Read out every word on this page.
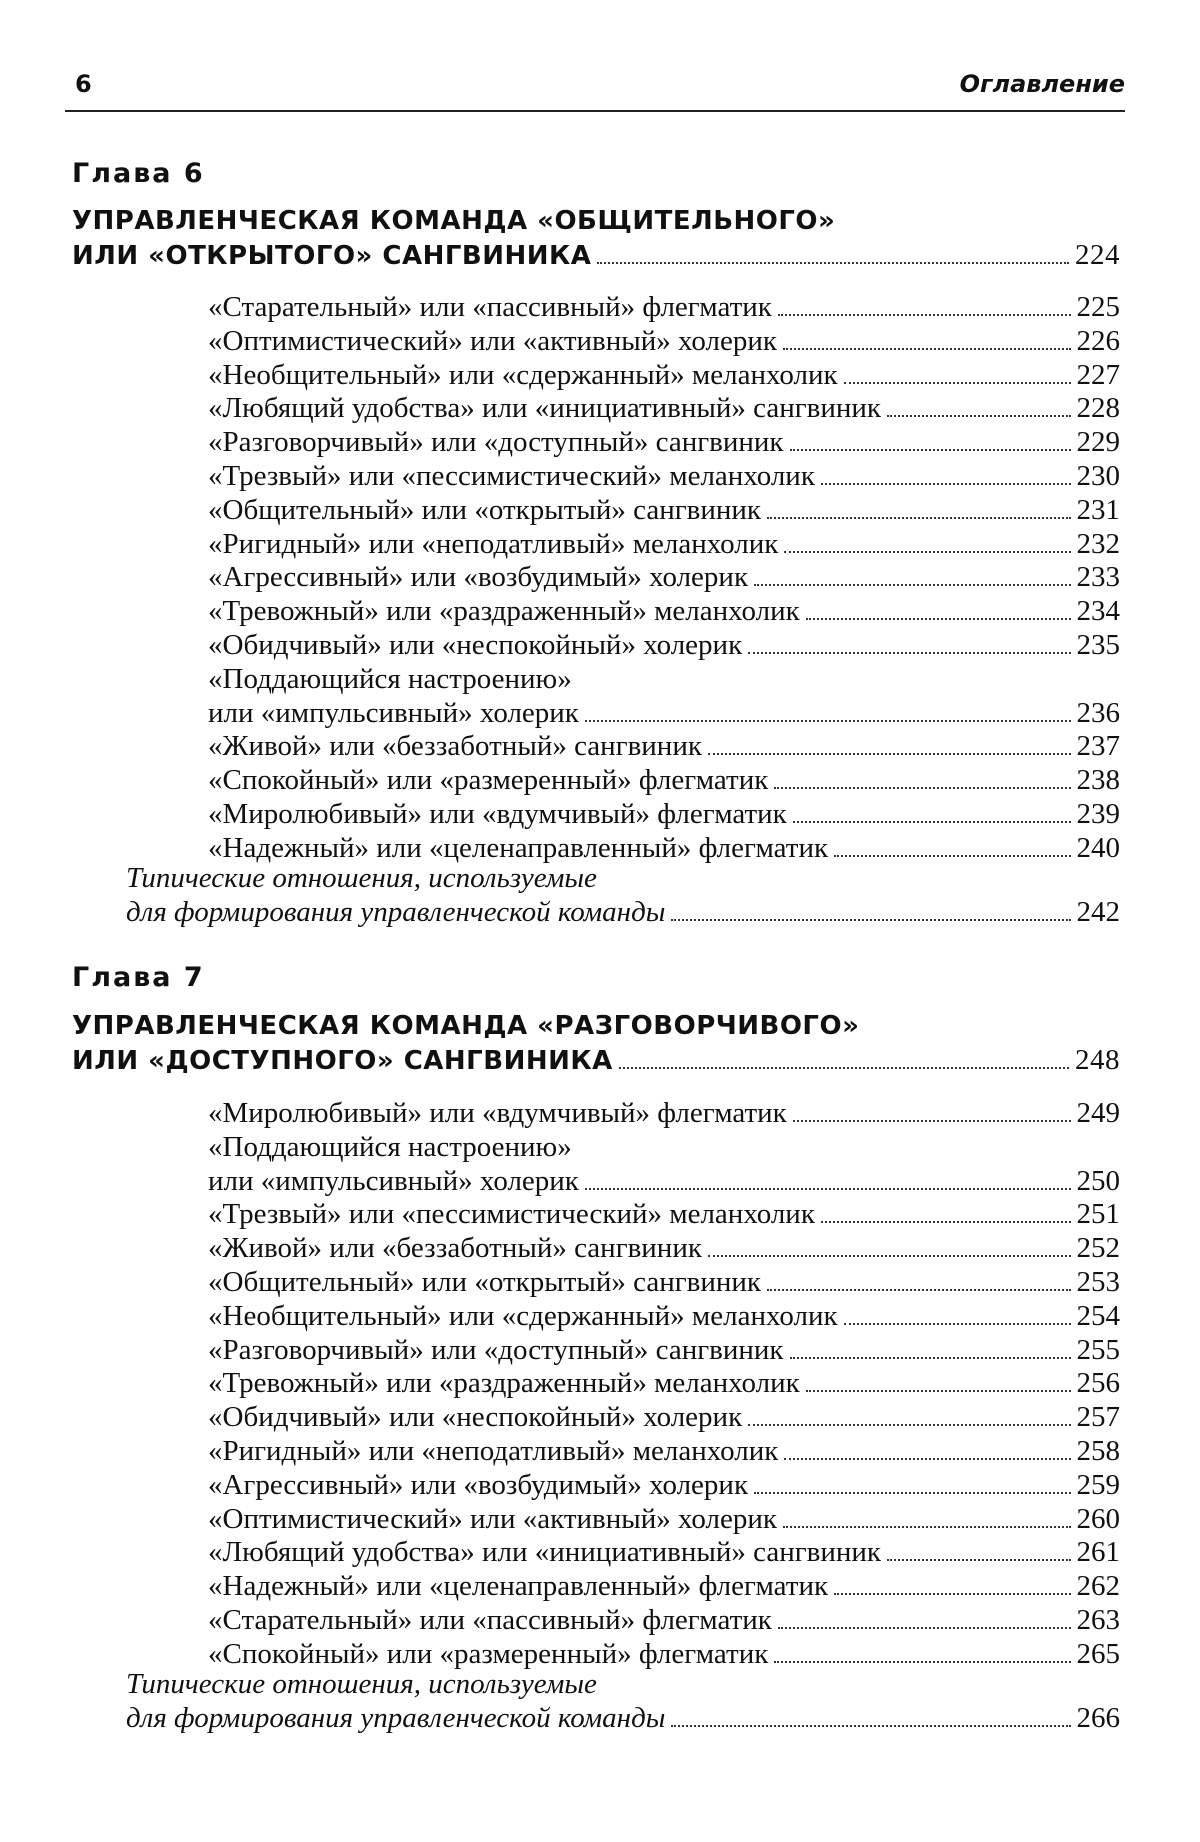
6	Оглавление
Глава 6
УПРАВЛЕНЧЕСКАЯ КОМАНДА «ОБЩИТЕЛЬНОГО»
ИЛИ «ОТКРЫТОГО» САНГВИНИКА	224
«Старательный» или «пассивный» флегматик	225
«Оптимистический» или «активный» холерик	226
«Необщительный» или «сдержанный» меланхолик	227
«Любящий удобства» или «инициативный» сангвиник	228
«Разговорчивый» или «доступный» сангвиник	229
«Трезвый» или «пессимистический» меланхолик	230
«Общительный» или «открытый» сангвиник	231
«Ригидный» или «неподатливый» меланхолик	232
«Агрессивный» или «возбудимый» холерик	233
«Тревожный» или «раздраженный» меланхолик	234
«Обидчивый» или «неспокойный» холерик	235
«Поддающийся настроению»
или «импульсивный» холерик	236
«Живой» или «беззаботный» сангвиник	237
«Спокойный» или «размеренный» флегматик	238
«Миролюбивый» или «вдумчивый» флегматик	239
«Надежный» или «целенаправленный» флегматик	240
Типические отношения, используемые
для формирования управленческой команды	242
Глава 7
УПРАВЛЕНЧЕСКАЯ КОМАНДА «РАЗГОВОРЧИВОГО»
ИЛИ «ДОСТУПНОГО» САНГВИНИКА	248
«Миролюбивый» или «вдумчивый» флегматик	249
«Поддающийся настроению»
или «импульсивный» холерик	250
«Трезвый» или «пессимистический» меланхолик	251
«Живой» или «беззаботный» сангвиник	252
«Общительный» или «открытый» сангвиник	253
«Необщительный» или «сдержанный» меланхолик	254
«Разговорчивый» или «доступный» сангвиник	255
«Тревожный» или «раздраженный» меланхолик	256
«Обидчивый» или «неспокойный» холерик	257
«Ригидный» или «неподатливый» меланхолик	258
«Агрессивный» или «возбудимый» холерик	259
«Оптимистический» или «активный» холерик	260
«Любящий удобства» или «инициативный» сангвиник	261
«Надежный» или «целенаправленный» флегматик	262
«Старательный» или «пассивный» флегматик	263
«Спокойный» или «размеренный» флегматик	265
Типические отношения, используемые
для формирования управленческой команды	266
